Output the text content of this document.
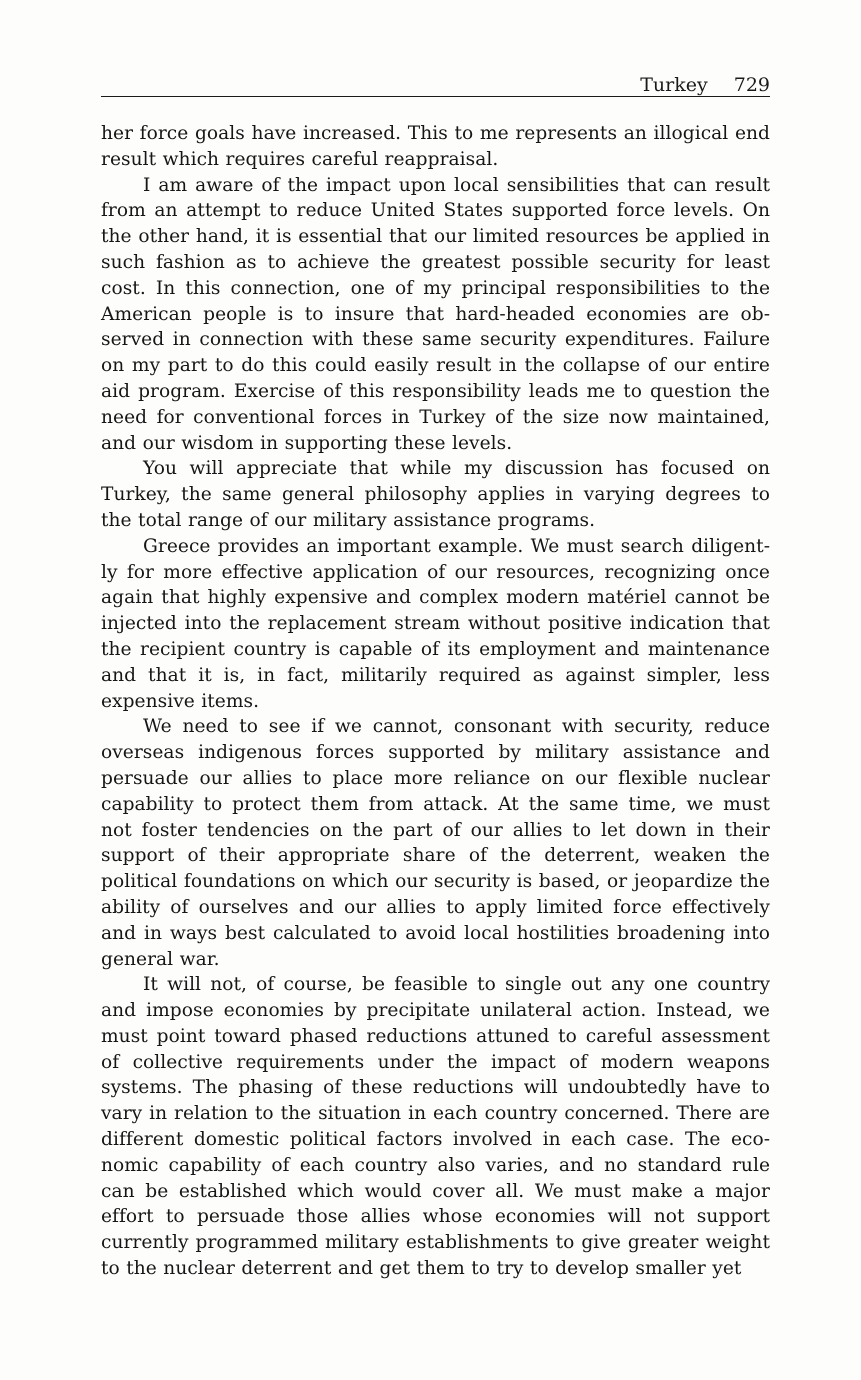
Turkey 729

her force goals have increased. This to me represents an illogical end result which requires careful reappraisal.

I am aware of the impact upon local sensibilities that can result from an attempt to reduce United States supported force levels. On the other hand, it is essential that our limited resources be applied in such fashion as to achieve the greatest possible security for least cost. In this connection, one of my principal responsibilities to the American people is to insure that hard-headed economies are observed in connection with these same security expenditures. Failure on my part to do this could easily result in the collapse of our entire aid program. Exercise of this responsibility leads me to question the need for conventional forces in Turkey of the size now maintained, and our wisdom in supporting these levels.

You will appreciate that while my discussion has focused on Turkey, the same general philosophy applies in varying degrees to the total range of our military assistance programs.

Greece provides an important example. We must search diligently for more effective application of our resources, recognizing once again that highly expensive and complex modern matériel cannot be injected into the replacement stream without positive indication that the recipient country is capable of its employment and maintenance and that it is, in fact, militarily required as against simpler, less expensive items.

We need to see if we cannot, consonant with security, reduce overseas indigenous forces supported by military assistance and persuade our allies to place more reliance on our flexible nuclear capability to protect them from attack. At the same time, we must not foster tendencies on the part of our allies to let down in their support of their appropriate share of the deterrent, weaken the political foundations on which our security is based, or jeopardize the ability of ourselves and our allies to apply limited force effectively and in ways best calculated to avoid local hostilities broadening into general war.

It will not, of course, be feasible to single out any one country and impose economies by precipitate unilateral action. Instead, we must point toward phased reductions attuned to careful assessment of collective requirements under the impact of modern weapons systems. The phasing of these reductions will undoubtedly have to vary in relation to the situation in each country concerned. There are different domestic political factors involved in each case. The economic capability of each country also varies, and no standard rule can be established which would cover all. We must make a major effort to persuade those allies whose economies will not support currently programmed military establishments to give greater weight to the nuclear deterrent and get them to try to develop smaller yet
